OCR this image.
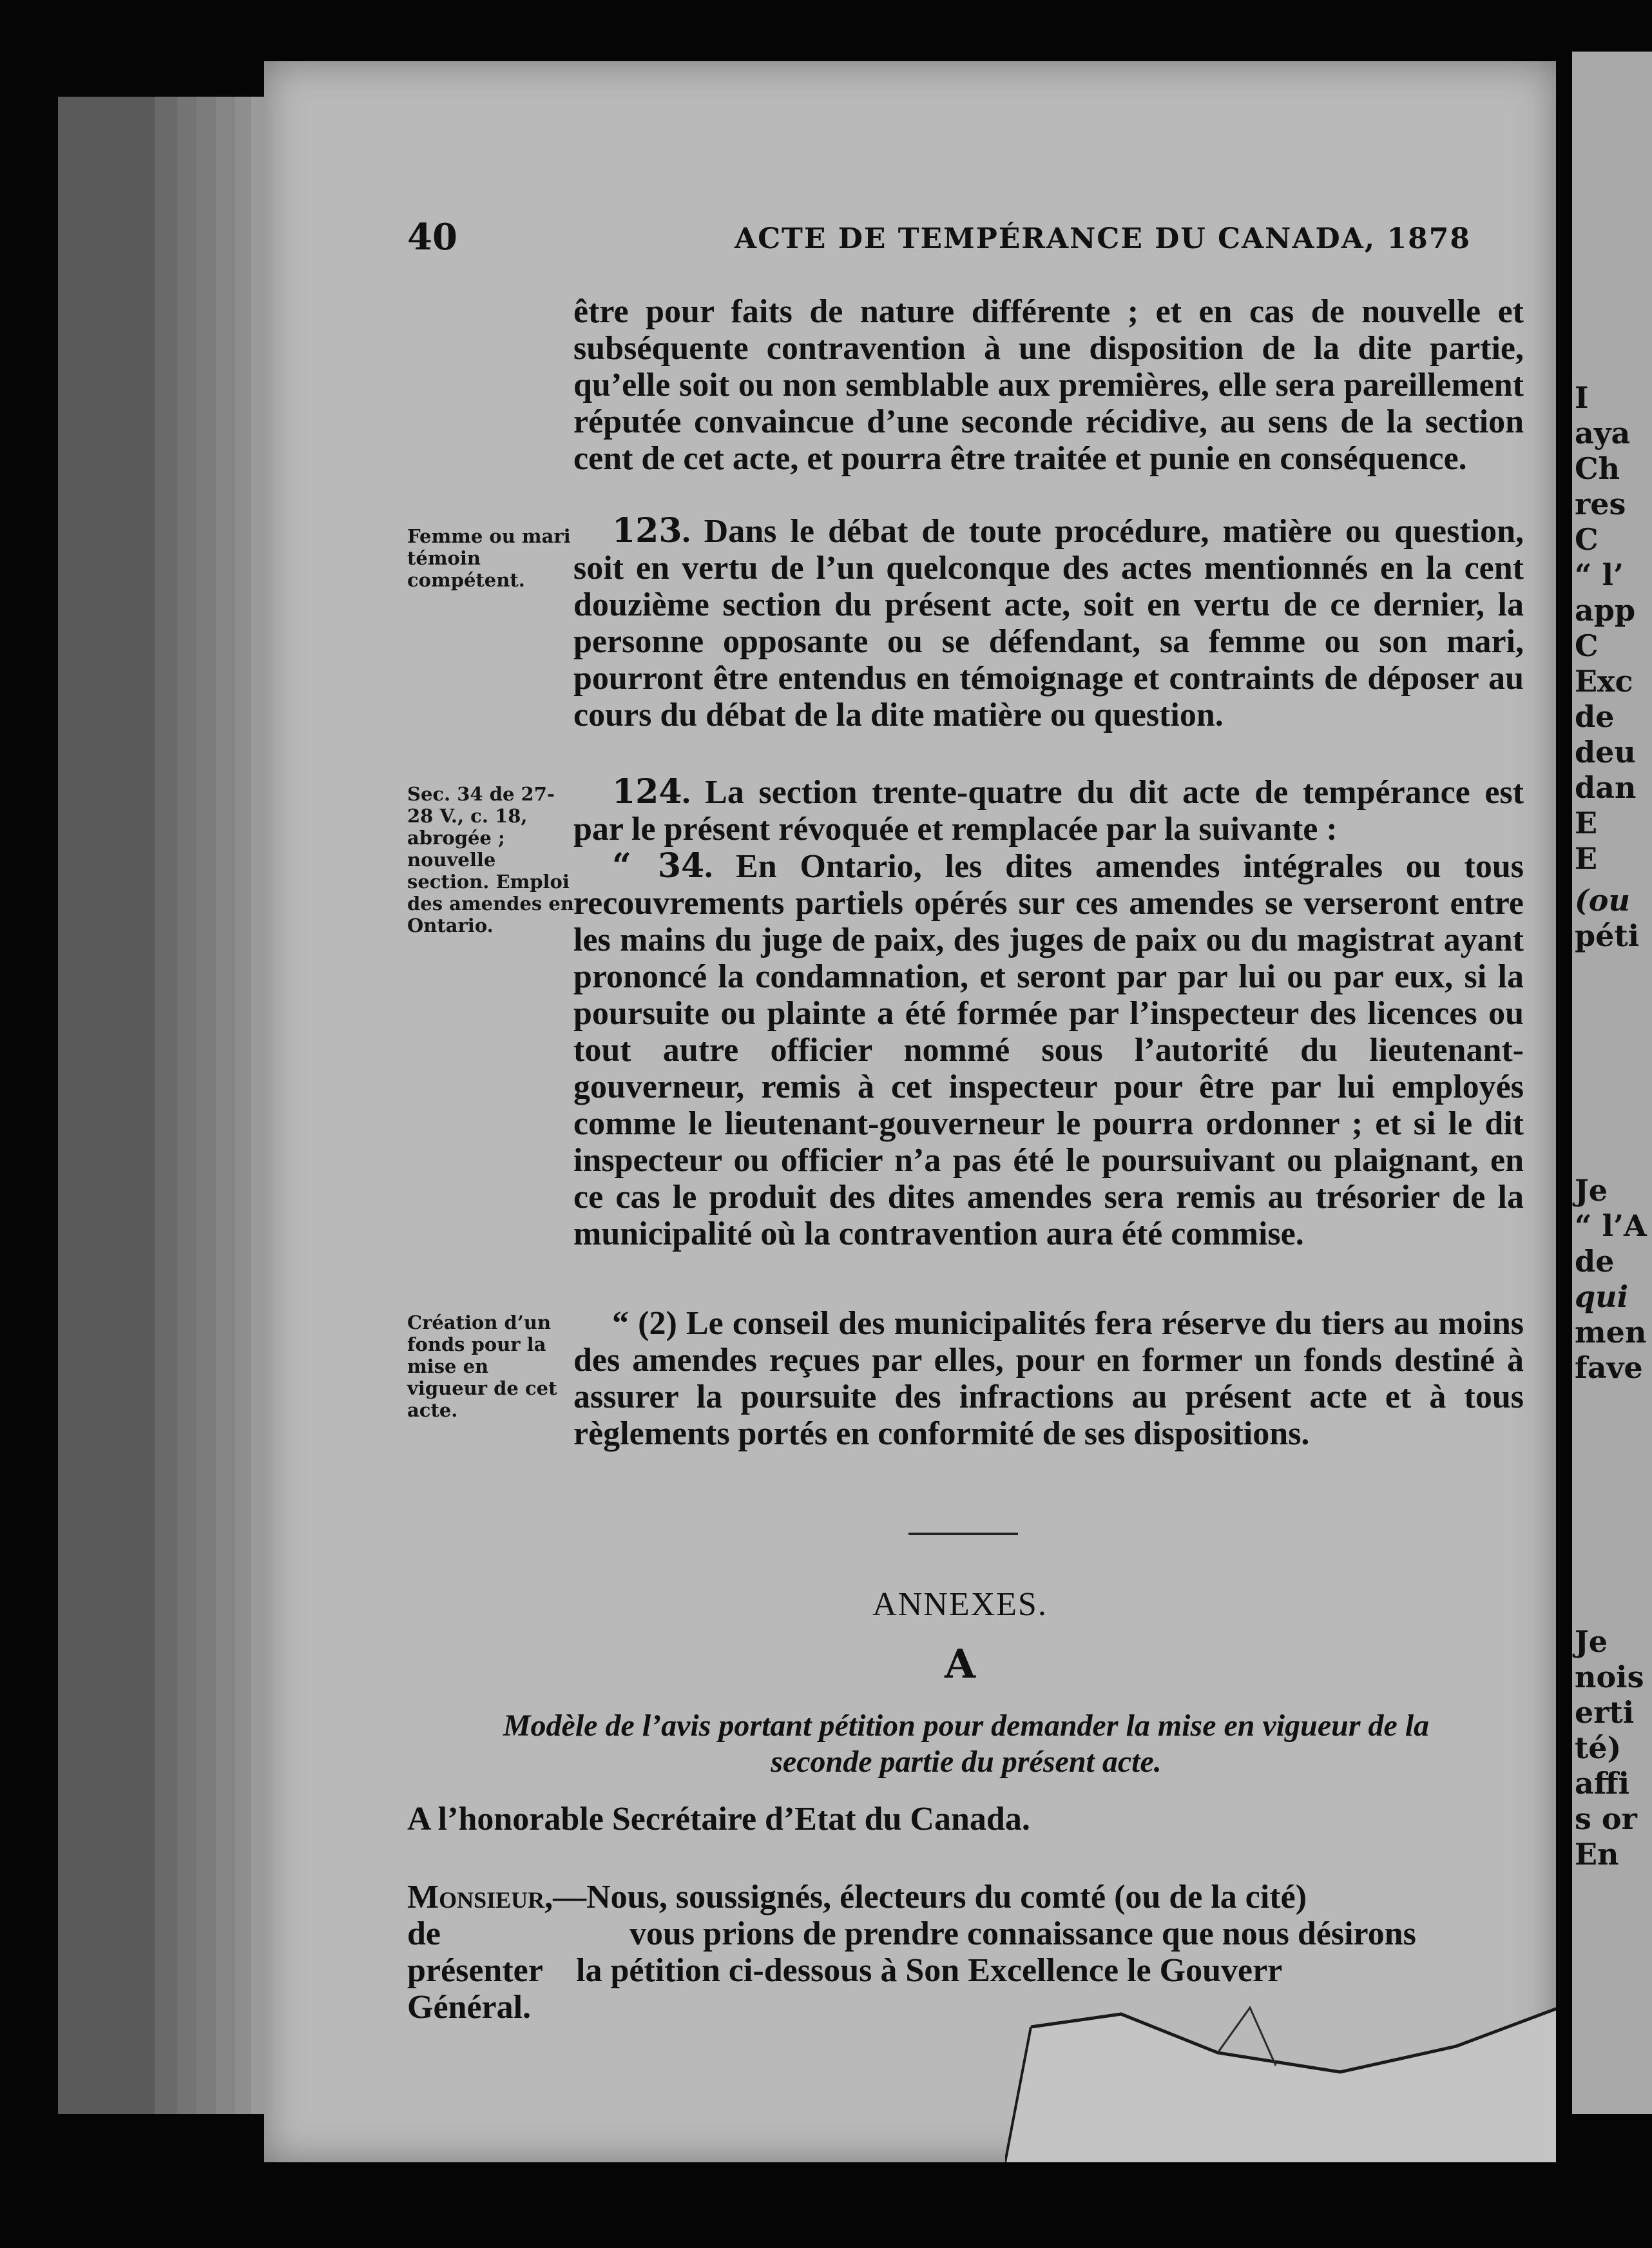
I
aya
Ch
res
C
“ l’
app
C
Exc
de
deu
dan
E
E
(ou
péti
Je
“ l’A
de
qui
men
fave
Je
nois
erti
té)
affi
s or
En
40	ACTE DE TEMPÉRANCE DU CANADA, 1878

être pour faits de nature différente ; et en cas de nouvelle et subséquente contravention à une disposition de la dite partie, qu’elle soit ou non semblable aux premières, elle sera pareillement réputée convaincue d’une seconde récidive, au sens de la section cent de cet acte, et pourra être traitée et punie en conséquence.

Femme ou mari témoin compétent.

123. Dans le débat de toute procédure, matière ou question, soit en vertu de l’un quelconque des actes mentionnés en la cent douzième section du présent acte, soit en vertu de ce dernier, la personne opposante ou se défendant, sa femme ou son mari, pourront être entendus en témoignage et contraints de déposer au cours du débat de la dite matière ou question.

Sec. 34 de 27-28 V., c. 18, abrogée ; nouvelle section. Emploi des amendes en Ontario.

124. La section trente-quatre du dit acte de tempérance est par le présent révoquée et remplacée par la suivante :

“ 34. En Ontario, les dites amendes intégrales ou tous recouvrements partiels opérés sur ces amendes se verseront entre les mains du juge de paix, des juges de paix ou du magistrat ayant prononcé la condamnation, et seront par par lui ou par eux, si la poursuite ou plainte a été formée par l’inspecteur des licences ou tout autre officier nommé sous l’autorité du lieutenant-gouverneur, remis à cet inspecteur pour être par lui employés comme le lieutenant-gouverneur le pourra ordonner ; et si le dit inspecteur ou officier n’a pas été le poursuivant ou plaignant, en ce cas le produit des dites amendes sera remis au trésorier de la municipalité où la contravention aura été commise.

Création d’un fonds pour la mise en vigueur de cet acte.

“ (2) Le conseil des municipalités fera réserve du tiers au moins des amendes reçues par elles, pour en former un fonds destiné à assurer la poursuite des infractions au présent acte et à tous règlements portés en conformité de ses dispositions.

ANNEXES.
A
Modèle de l’avis portant pétition pour demander la mise en vigueur de la
seconde partie du présent acte.
A l’honorable Secrétaire d’Etat du Canada.
Monsieur,—Nous, soussignés, électeurs du comté (ou de la cité)
de	vous prions de prendre connaissance que nous désirons
présenter la pétition ci-dessous à Son Excellence le Gouverr
Général.
